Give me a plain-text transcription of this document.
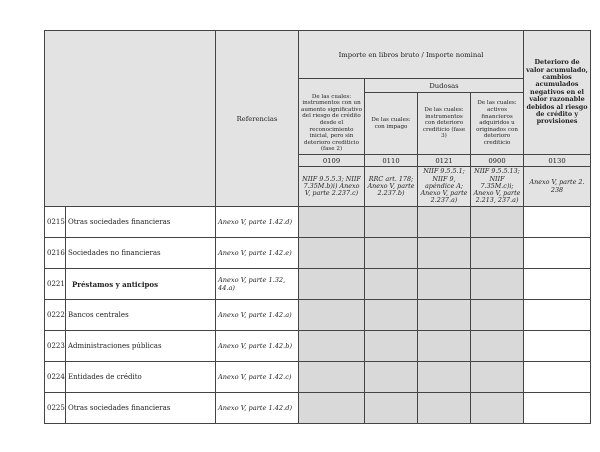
		Referencias	Importe en libros bruto / Importe nominal				Deterioro de valor acumulado, cambios acumulados negativos en el valor razonable debidos al riesgo de crédito y provisiones

			De las cuales: instrumentos con un aumento significativo del riesgo de crédito desde el reconocimiento inicial, pero sin deterioro crediticio (fase 2)	Dudosas			
				De las cuales: con impago	De las cuales: instrumentos con deterioro crediticio (fase 3)	De las cuales: activos financieros adquiridos u originados con deterioro crediticio	
			0109	0110	0121	0900	0130
			NIIF 9.5.5.3; NIIF 7.35M.b)i) Anexo V, parte 2.237.c)	RRC art. 178; Anexo V, parte 2.237.b)	NIIF 9.5.5.1; NIIF 9, apéndice A; Anexo V, parte 2.237.a)	NIIF 9.5.5.13; NIIF 7.35M.c)i; Anexo V, parte 2.213, 237.a)	Anexo V, parte 2. 238
0215	Otras sociedades financieras	Anexo V, parte 1.42.d)					
0216	Sociedades no financieras	Anexo V, parte 1.42.e)					
0221	Préstamos y anticipos	Anexo V, parte 1.32, 44.a)					
0222	Bancos centrales	Anexo V, parte 1.42.a)					
0223	Administraciones públicas	Anexo V, parte 1.42.b)					
0224	Entidades de crédito	Anexo V, parte 1.42.c)					
0225	Otras sociedades financieras	Anexo V, parte 1.42.d)					
